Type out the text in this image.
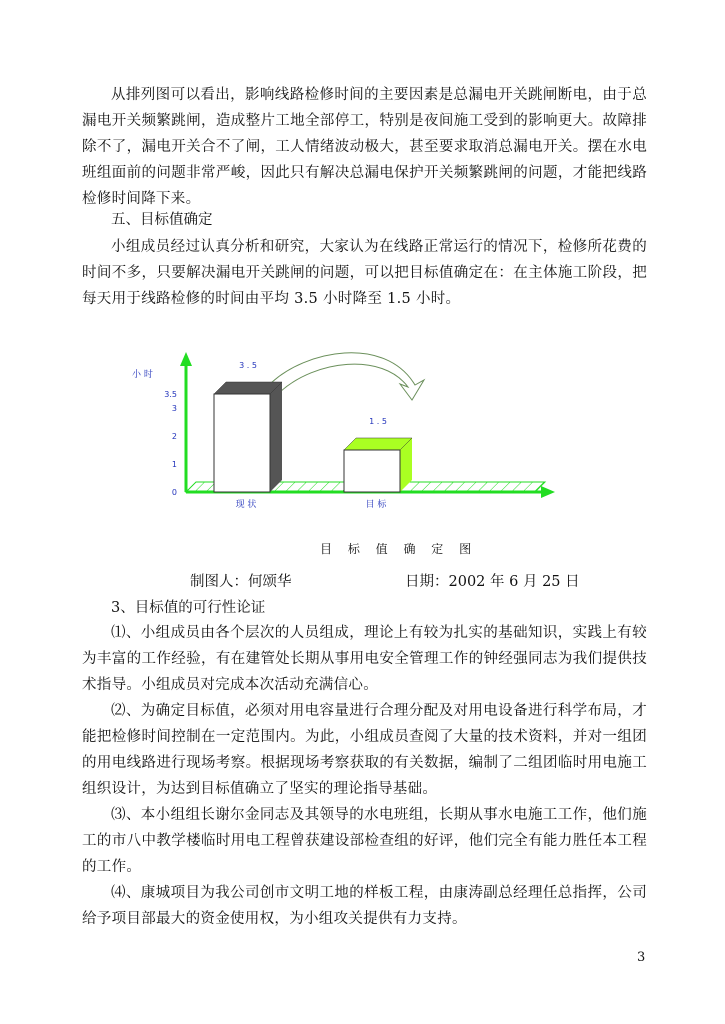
从排列图可以看出，影响线路检修时间的主要因素是总漏电开关跳闸断电，由于总漏电开关频繁跳闸，造成整片工地全部停工，特别是夜间施工受到的影响更大。故障排除不了，漏电开关合不了闸，工人情绪波动极大，甚至要求取消总漏电开关。摆在水电班组面前的问题非常严峻，因此只有解决总漏电保护开关频繁跳闸的问题，才能把线路检修时间降下来。

五、目标值确定

小组成员经过认真分析和研究，大家认为在线路正常运行的情况下，检修所花费的时间不多，只要解决漏电开关跳闸的问题，可以把目标值确定在：在主体施工阶段，把每天用于线路检修的时间由平均 3.5 小时降至 1.5 小时。

小 时
0
1
2
3
3.5
3 . 5
现 状
1 . 5
目 标
目 标 值 确 定 图
制图人：何颂华	日期：2002 年 6 月 25 日

3、目标值的可行性论证

⑴、小组成员由各个层次的人员组成，理论上有较为扎实的基础知识，实践上有较为丰富的工作经验，有在建管处长期从事用电安全管理工作的钟经强同志为我们提供技术指导。小组成员对完成本次活动充满信心。

⑵、为确定目标值，必须对用电容量进行合理分配及对用电设备进行科学布局，才能把检修时间控制在一定范围内。为此，小组成员查阅了大量的技术资料，并对一组团的用电线路进行现场考察。根据现场考察获取的有关数据，编制了二组团临时用电施工组织设计，为达到目标值确立了坚实的理论指导基础。

⑶、本小组组长谢尔金同志及其领导的水电班组，长期从事水电施工工作，他们施工的市八中教学楼临时用电工程曾获建设部检查组的好评，他们完全有能力胜任本工程的工作。

⑷、康城项目为我公司创市文明工地的样板工程，由康涛副总经理任总指挥，公司给予项目部最大的资金使用权，为小组攻关提供有力支持。

3
